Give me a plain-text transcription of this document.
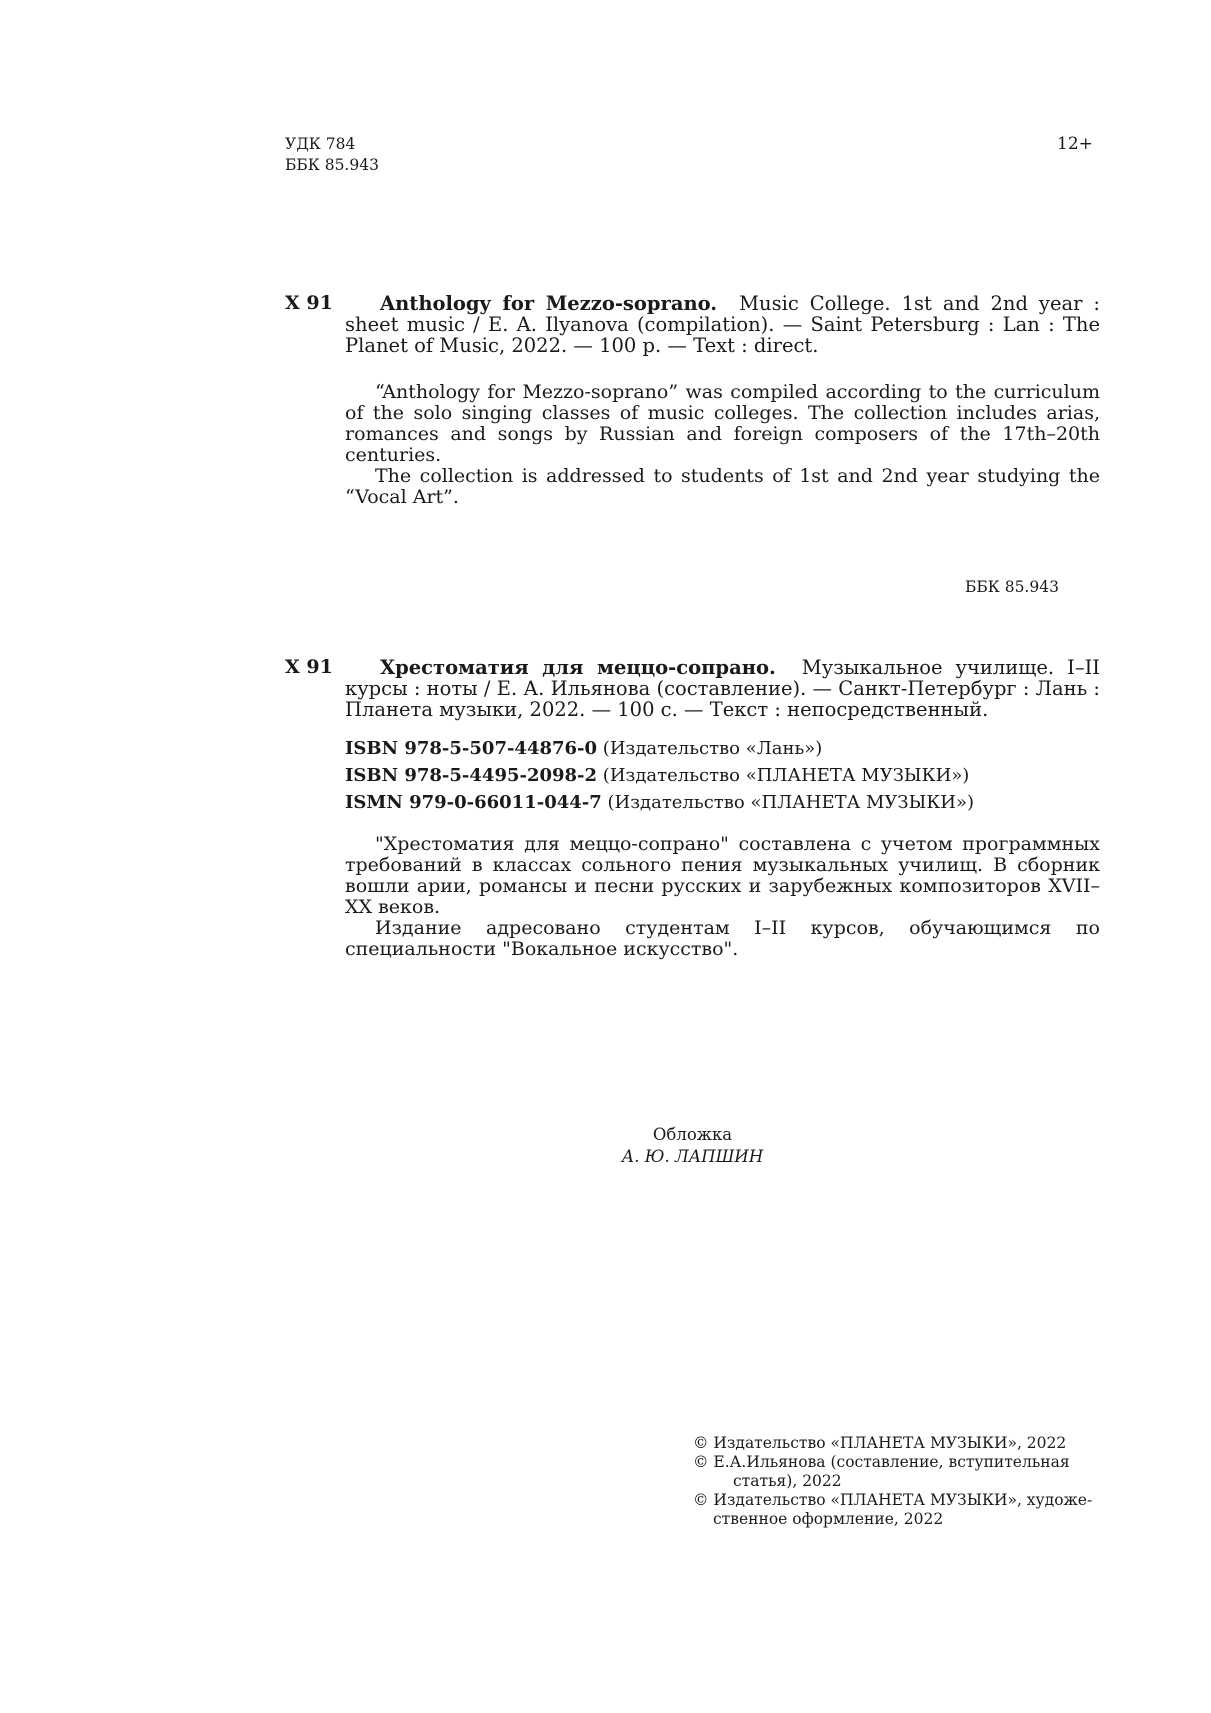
УДК 784
ББК 85.943
12+
Х 91	Anthology for Mezzo-soprano. Music College. 1st and 2nd year : sheet music / E. A. Ilyanova (compilation). — Saint Petersburg : Lan : The Planet of Music, 2022. — 100 p. — Text : direct.
“Anthology for Mezzo-soprano” was compiled according to the curriculum of the solo singing classes of music colleges. The collection includes arias, romances and songs by Russian and foreign composers of the 17th–20th centuries.
The collection is addressed to students of 1st and 2nd year studying the “Vocal Art”.
ББК 85.943
Х 91	Хрестоматия для меццо-сопрано. Музыкальное училище. I–II курсы : ноты / Е. А. Ильянова (составление). — Санкт-Петербург : Лань : Планета музыки, 2022. — 100 с. — Текст : непосредственный.
ISBN 978-5-507-44876-0 (Издательство «Лань»)
ISBN 978-5-4495-2098-2 (Издательство «ПЛАНЕТА МУЗЫКИ»)
ISMN 979-0-66011-044-7 (Издательство «ПЛАНЕТА МУЗЫКИ»)
"Хрестоматия для меццо-сопрано" составлена с учетом программных требований в классах сольного пения музыкальных училищ. В сборник вошли арии, романсы и песни русских и зарубежных композиторов XVII–XX веков.
Издание адресовано студентам I–II курсов, обучающимся по специальности "Вокальное искусство".
Обложка
А. Ю. ЛАПШИН
© Издательство «ПЛАНЕТА МУЗЫКИ», 2022
© Е.А.Ильянова (составление, вступительная
статья), 2022
© Издательство «ПЛАНЕТА МУЗЫКИ», художе-
ственное оформление, 2022
